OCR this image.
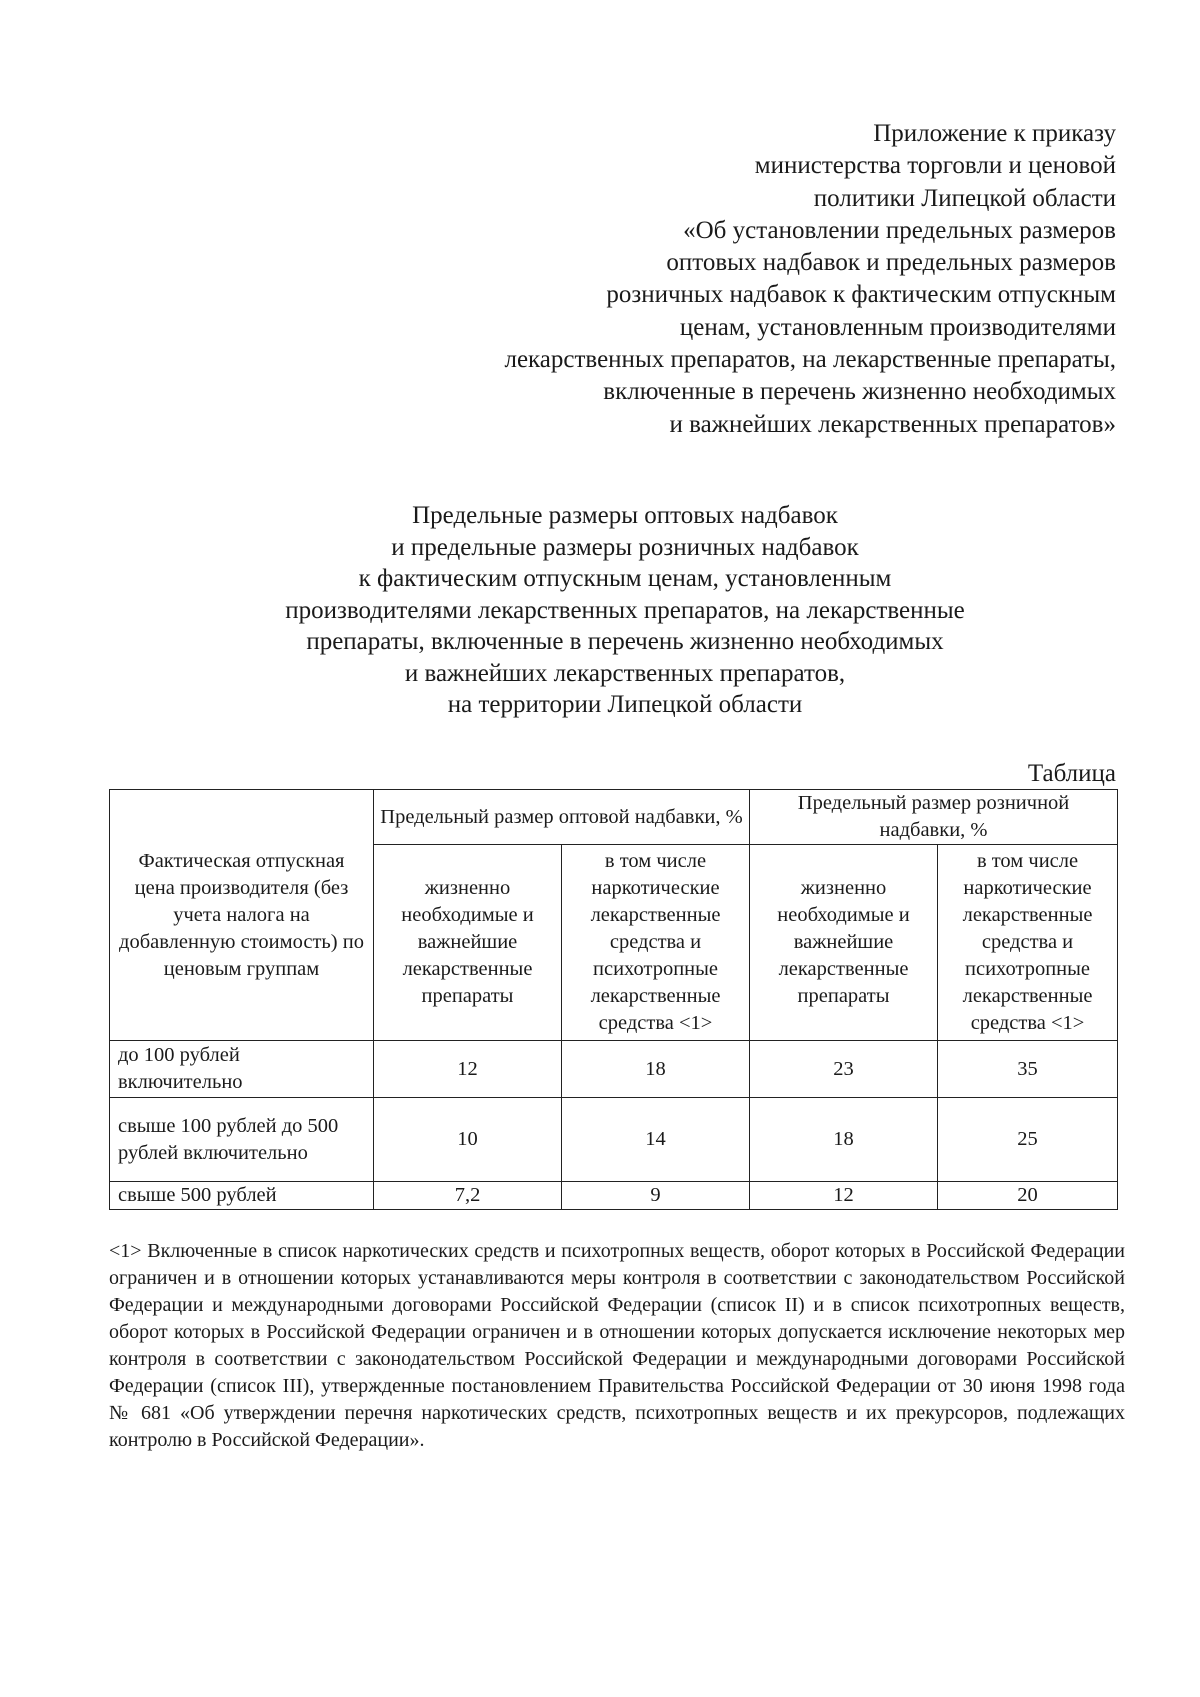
Приложение к приказу
министерства торговли и ценовой
политики Липецкой области
«Об установлении предельных размеров
оптовых надбавок и предельных размеров
розничных надбавок к фактическим отпускным
ценам, установленным производителями
лекарственных препаратов, на лекарственные препараты,
включенные в перечень жизненно необходимых
и важнейших лекарственных препаратов»
Предельные размеры оптовых надбавок
и предельные размеры розничных надбавок
к фактическим отпускным ценам, установленным
производителями лекарственных препаратов, на лекарственные
препараты, включенные в перечень жизненно необходимых
и важнейших лекарственных препаратов,
на территории Липецкой области
Таблица
Фактическая отпускная цена производителя (без учета налога на добавленную стоимость) по ценовым группам	Предельный размер оптовой надбавки, %		Предельный размер розничной надбавки, %	
	жизненно необходимые и важнейшие лекарственные препараты	в том числе наркотические лекарственные средства и психотропные лекарственные средства <1>	жизненно необходимые и важнейшие лекарственные препараты	в том числе наркотические лекарственные средства и психотропные лекарственные средства <1>
до 100 рублей включительно	12	18	23	35
свыше 100 рублей до 500 рублей включительно	10	14	18	25
свыше 500 рублей	7,2	9	12	20
<1> Включенные в список наркотических средств и психотропных веществ, оборот которых в Российской Федерации ограничен и в отношении которых устанавливаются меры контроля в соответствии с законодательством Российской Федерации и международными договорами Российской Федерации (список II) и в список психотропных веществ, оборот которых в Российской Федерации ограничен и в отношении которых допускается исключение некоторых мер контроля в соответствии с законодательством Российской Федерации и международными договорами Российской Федерации (список III), утвержденные постановлением Правительства Российской Федерации от 30 июня 1998 года № 681 «Об утверждении перечня наркотических средств, психотропных веществ и их прекурсоров, подлежащих контролю в Российской Федерации».
